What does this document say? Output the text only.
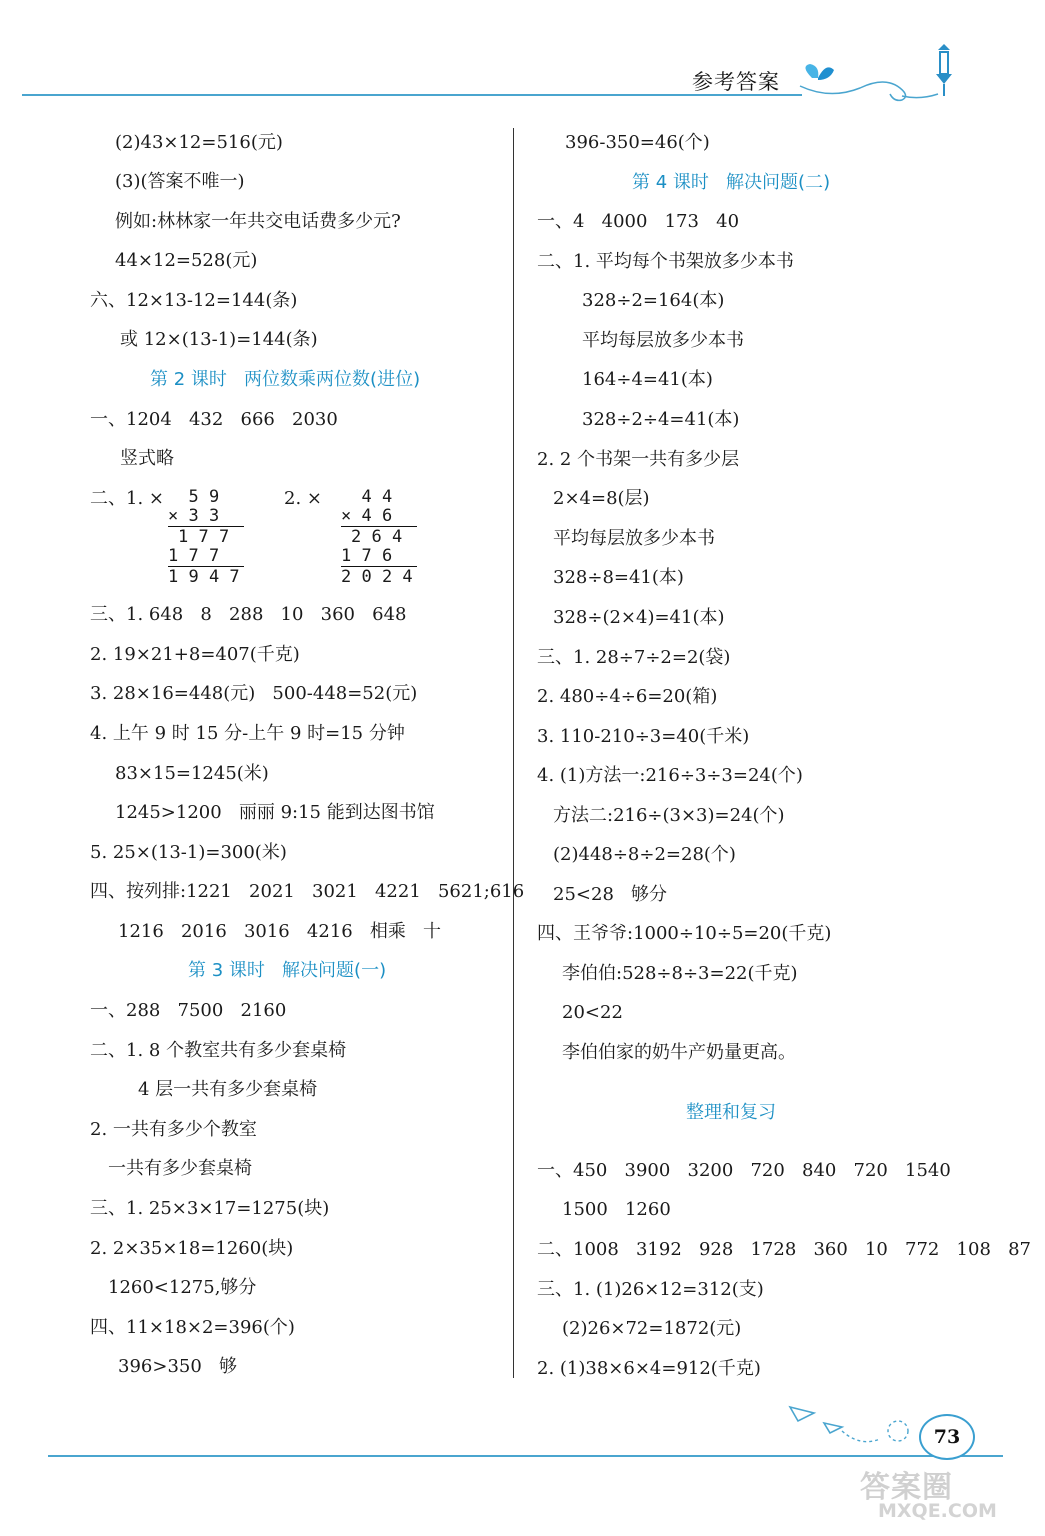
参考答案
(2)43×12=516(元)
(3)(答案不唯一)
例如:林林家一年共交电话费多少元?
44×12=528(元)
六、12×13-12=144(条)
或 12×(13-1)=144(条)
一、1204   432   666   2030
竖式略
三、1. 648   8   288   10   360   648
2. 19×21+8=407(千克)
3. 28×16=448(元)   500-448=52(元)
4. 上午 9 时 15 分-上午 9 时=15 分钟
83×15=1245(米)
1245>1200   丽丽 9:15 能到达图书馆
5. 25×(13-1)=300(米)
四、按列排:1221   2021   3021   4221   5621;616
1216   2016   3016   4216   相乘   十
一、288   7500   2160
二、1. 8 个教室共有多少套桌椅
4 层一共有多少套桌椅
2. 一共有多少个教室
一共有多少套桌椅
三、1. 25×3×17=1275(块)
2. 2×35×18=1260(块)
1260<1275,够分
四、11×18×2=396(个)
396>350   够
第 2 课时   两位数乘两位数(进位)
第 3 课时   解决问题(一)
396-350=46(个)
一、4   4000   173   40
二、1. 平均每个书架放多少本书
328÷2=164(本)
平均每层放多少本书
164÷4=41(本)
328÷2÷4=41(本)
2. 2 个书架一共有多少层
2×4=8(层)
平均每层放多少本书
328÷8=41(本)
328÷(2×4)=41(本)
三、1. 28÷7÷2=2(袋)
2. 480÷4÷6=20(箱)
3. 110-210÷3=40(千米)
4. (1)方法一:216÷3÷3=24(个)
方法二:216÷(3×3)=24(个)
(2)448÷8÷2=28(个)
25<28   够分
四、王爷爷:1000÷10÷5=20(千克)
李伯伯:528÷8÷3=22(千克)
20<22
李伯伯家的奶牛产奶量更高。
一、450   3900   3200   720   840   720   1540
1500   1260
二、1008   3192   928   1728   360   10   772   108   87
三、1. (1)26×12=312(支)
(2)26×72=1872(元)
2. (1)38×6×4=912(千克)
第 4 课时   解决问题(二)
整理和复习
二、1. × 5 9
× 3 3
1 7 7
1 7 7
1 9 4 7
2. × 4 4
× 4 6
2 6 4
1 7 6
2 0 2 4
73
答案圈
MXQE.COM
